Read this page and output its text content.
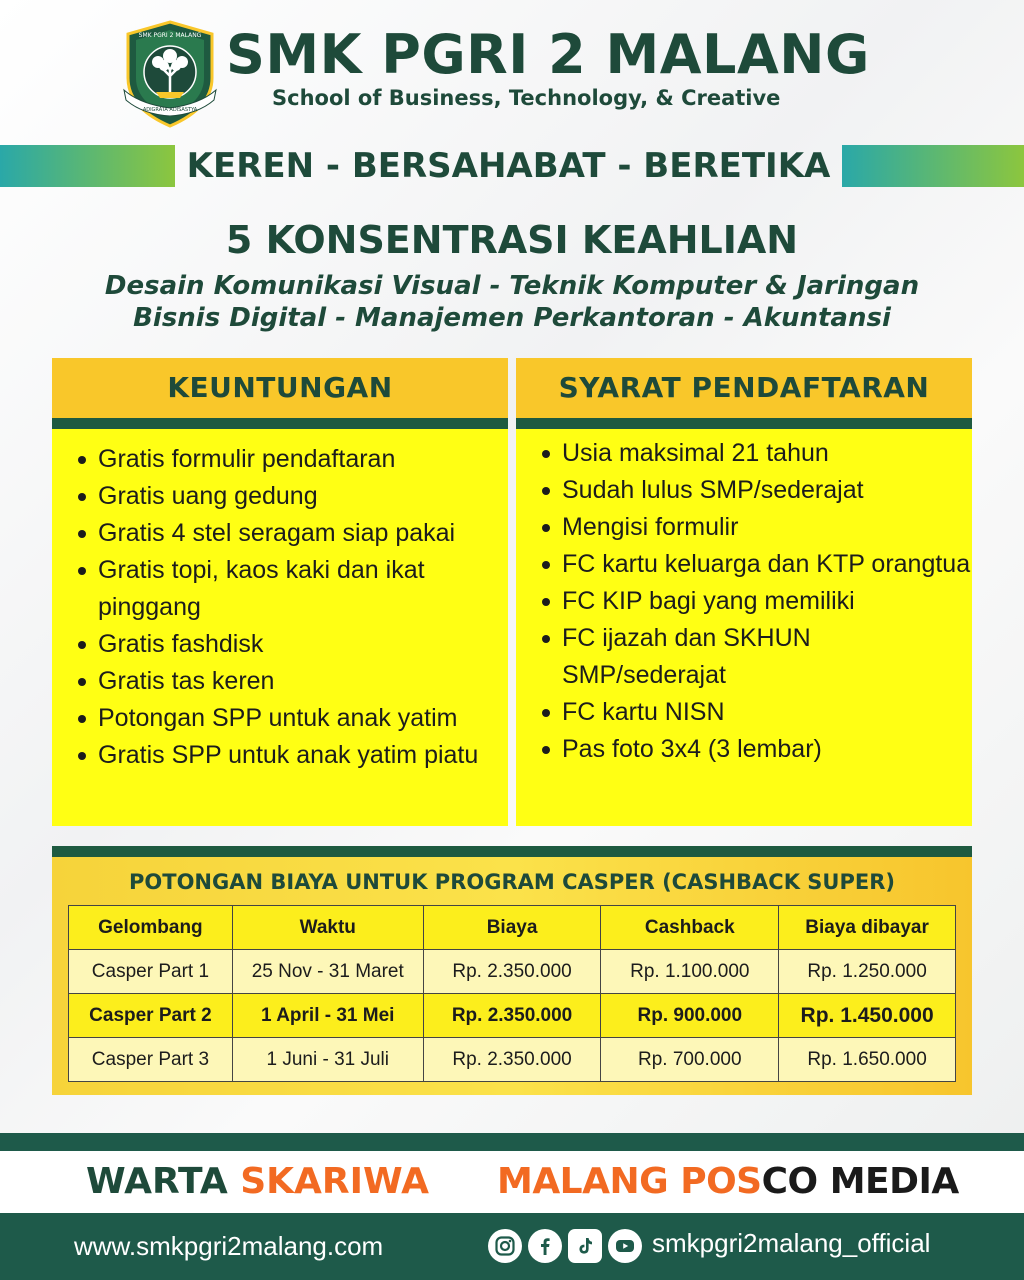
SMK PGRI 2 MALANG
ADIGRATA ADISASTYA
SMK PGRI 2 MALANG
School of Business, Technology, & Creative
KEREN - BERSAHABAT - BERETIKA
5 KONSENTRASI KEAHLIAN
Desain Komunikasi Visual - Teknik Komputer & Jaringan
Bisnis Digital - Manajemen Perkantoran - Akuntansi
KEUNTUNGAN
Gratis formulir pendaftaran
Gratis uang gedung
Gratis 4 stel seragam siap pakai
Gratis topi, kaos kaki dan ikat pinggang
Gratis fashdisk
Gratis tas keren
Potongan SPP untuk anak yatim
Gratis SPP untuk anak yatim piatu
SYARAT PENDAFTARAN
Usia maksimal 21 tahun
Sudah lulus SMP/sederajat
Mengisi formulir
FC kartu keluarga dan KTP orangtua
FC KIP bagi yang memiliki
FC ijazah dan SKHUN SMP/sederajat
FC kartu NISN
Pas foto 3x4 (3 lembar)
POTONGAN BIAYA UNTUK PROGRAM CASPER (CASHBACK SUPER)
Gelombang	Waktu	Biaya	Cashback	Biaya dibayar
Casper Part 1	25 Nov - 31 Maret	Rp. 2.350.000	Rp. 1.100.000	Rp. 1.250.000
Casper Part 2	1 April - 31 Mei	Rp. 2.350.000	Rp. 900.000	Rp. 1.450.000
Casper Part 3	1 Juni - 31 Juli	Rp. 2.350.000	Rp. 700.000	Rp. 1.650.000
WARTA SKARIWA MALANG POSCO MEDIA
www.smkpgri2malang.com	smkpgri2malang_official
